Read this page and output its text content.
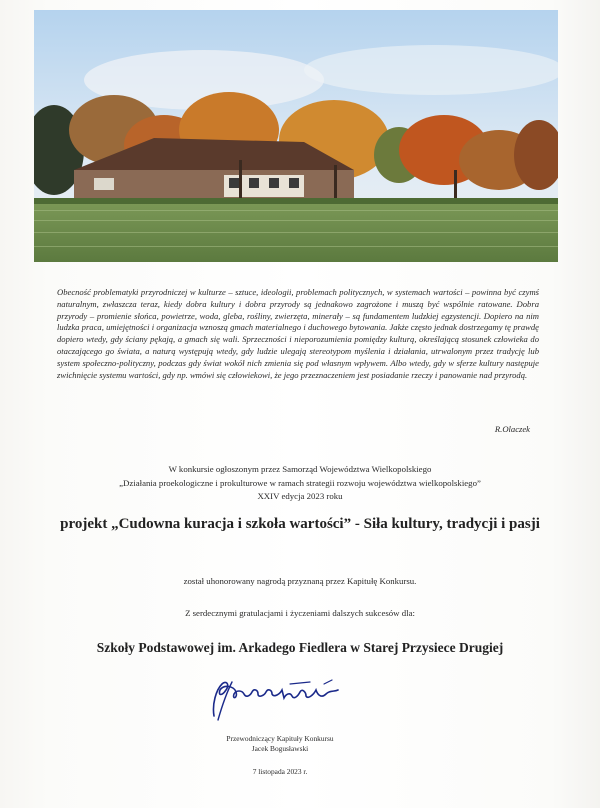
Obecność problematyki przyrodniczej w kulturze – sztuce, ideologii, problemach politycznych, w systemach wartości – powinna być czymś naturalnym, zwłaszcza teraz, kiedy dobra kultury i dobra przyrody są jednakowo zagrożone i muszą być wspólnie ratowane. Dobra przyrody – promienie słońca, powietrze, woda, gleba, rośliny, zwierzęta, minerały – są fundamentem ludzkiej egzystencji. Dopiero na nim ludzka praca, umiejętności i organizacja wznoszą gmach materialnego i duchowego bytowania. Jakże często jednak dostrzegamy tę prawdę dopiero wtedy, gdy ściany pękają, a gmach się wali. Sprzeczności i nieporozumienia pomiędzy kulturą, określającą stosunek człowieka do otaczającego go świata, a naturą występują wtedy, gdy ludzie ulegają stereotypom myślenia i działania, utrwalonym przez tradycję lub system społeczno-polityczny, podczas gdy świat wokół nich zmienia się pod własnym wpływem. Albo wtedy, gdy w sferze kultury następuje zwichnięcie systemu wartości, gdy np. wmówi się człowiekowi, że jego przeznaczeniem jest posiadanie rzeczy i panowanie nad przyrodą.
R.Olaczek
W konkursie ogłoszonym przez Samorząd Województwa Wielkopolskiego
„Działania proekologiczne i prokulturowe w ramach strategii rozwoju województwa wielkopolskiego”
XXIV edycja 2023 roku
projekt „Cudowna kuracja i szkoła wartości” - Siła kultury, tradycji i pasji
został uhonorowany nagrodą przyznaną przez Kapitułę Konkursu.
Z serdecznymi gratulacjami i życzeniami dalszych sukcesów dla:
Szkoły Podstawowej im. Arkadego Fiedlera w Starej Przysiece Drugiej
Przewodniczący Kapituły Konkursu
Jacek Bogusławski
7 listopada 2023 r.
